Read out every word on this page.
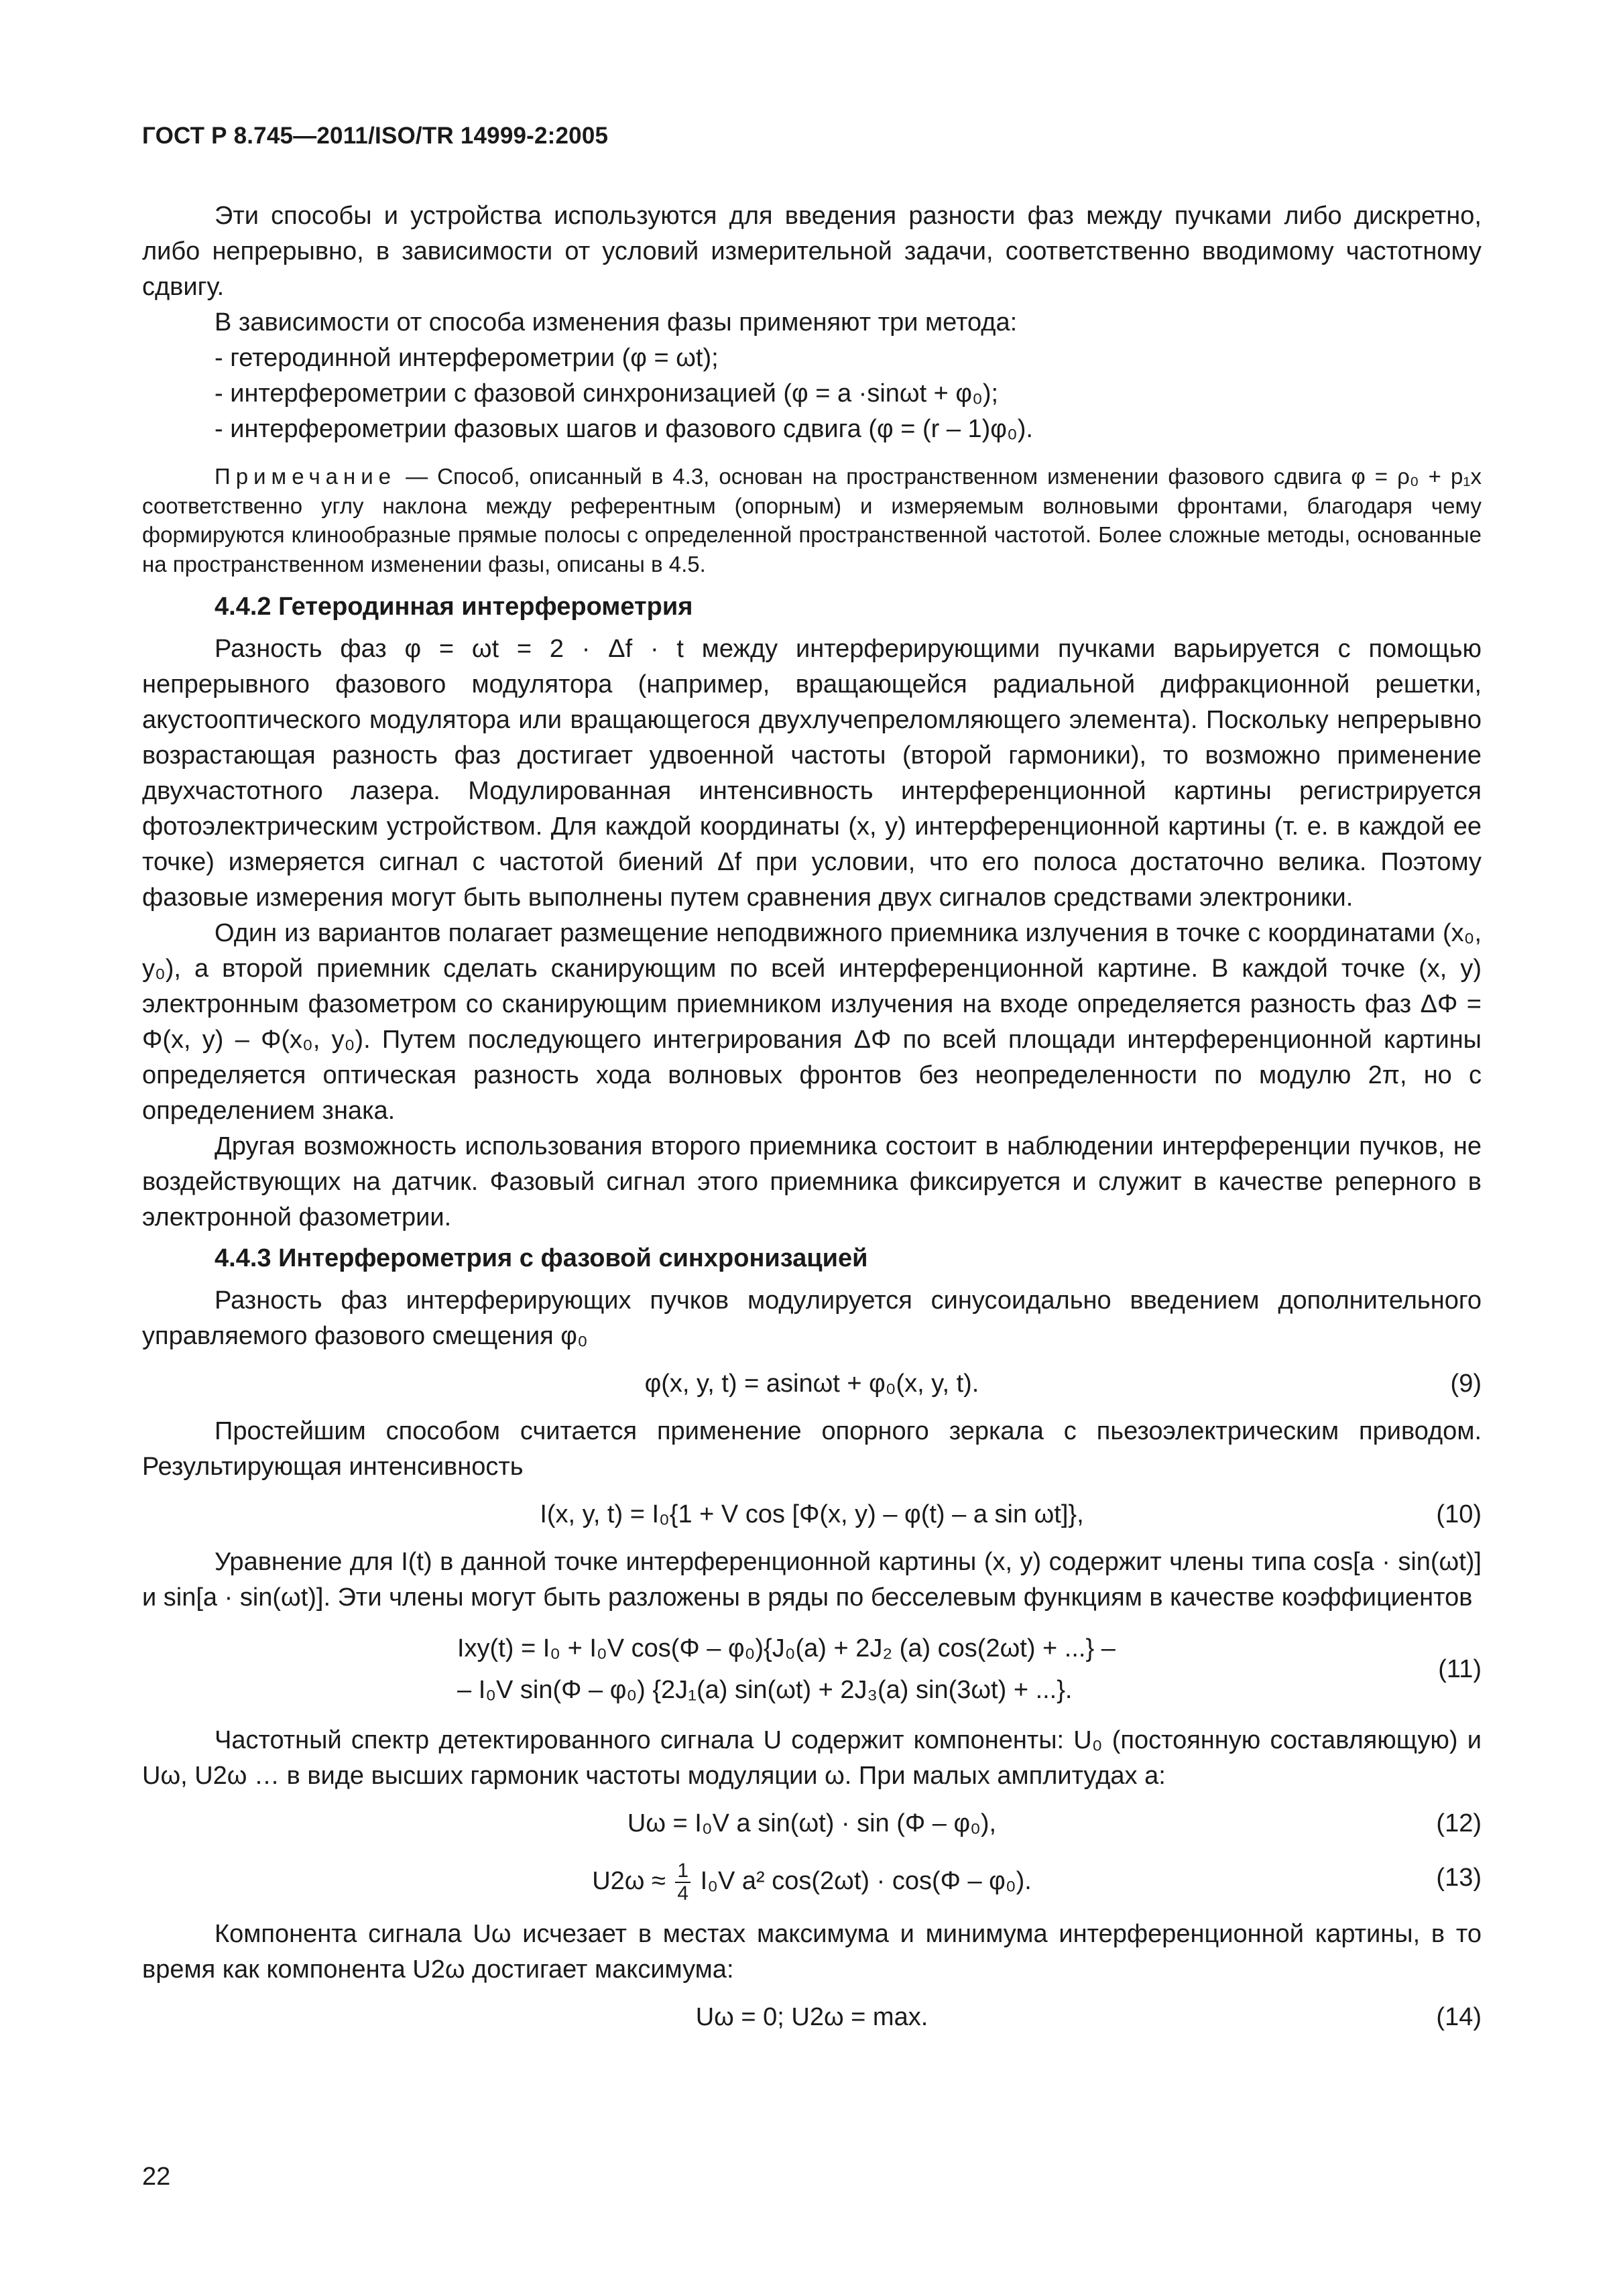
ГОСТ Р 8.745—2011/ISO/TR 14999-2:2005

Эти способы и устройства используются для введения разности фаз между пучками либо дискретно, либо непрерывно, в зависимости от условий измерительной задачи, соответственно вводимому частотному сдвигу.

В зависимости от способа изменения фазы применяют три метода:

- гетеродинной интерферометрии (φ = ωt);

- интерферометрии с фазовой синхронизацией (φ = a ·sinωt + φ₀);

- интерферометрии фазовых шагов и фазового сдвига (φ = (r – 1)φ₀).

Примечание — Способ, описанный в 4.3, основан на пространственном изменении фазового сдвига φ = ρ₀ + p₁x соответственно углу наклона между референтным (опорным) и измеряемым волновыми фронтами, благодаря чему формируются клинообразные прямые полосы с определенной пространственной частотой. Более сложные методы, основанные на пространственном изменении фазы, описаны в 4.5.
4.4.2 Гетеродинная интерферометрия

Разность фаз φ = ωt = 2 · Δf · t между интерферирующими пучками варьируется с помощью непрерывного фазового модулятора (например, вращающейся радиальной дифракционной решетки, акустооптического модулятора или вращающегося двухлучепреломляющего элемента). Поскольку непрерывно возрастающая разность фаз достигает удвоенной частоты (второй гармоники), то возможно применение двухчастотного лазера. Модулированная интенсивность интерференционной картины регистрируется фотоэлектрическим устройством. Для каждой координаты (x, y) интерференционной картины (т. е. в каждой ее точке) измеряется сигнал с частотой биений Δf при условии, что его полоса достаточно велика. Поэтому фазовые измерения могут быть выполнены путем сравнения двух сигналов средствами электроники.

Один из вариантов полагает размещение неподвижного приемника излучения в точке с координатами (x₀, y₀), а второй приемник сделать сканирующим по всей интерференционной картине. В каждой точке (x, y) электронным фазометром со сканирующим приемником излучения на входе определяется разность фаз ΔΦ = Φ(x, y) – Φ(x₀, y₀). Путем последующего интегрирования ΔΦ по всей площади интерференционной картины определяется оптическая разность хода волновых фронтов без неопределенности по модулю 2π, но с определением знака.

Другая возможность использования второго приемника состоит в наблюдении интерференции пучков, не воздействующих на датчик. Фазовый сигнал этого приемника фиксируется и служит в качестве реперного в электронной фазометрии.

4.4.3 Интерферометрия с фазовой синхронизацией

Разность фаз интерферирующих пучков модулируется синусоидально введением дополнительного управляемого фазового смещения φ₀

φ(x, y, t) = asinωt + φ₀(x, y, t).	(9)

Простейшим способом считается применение опорного зеркала с пьезоэлектрическим приводом. Результирующая интенсивность

I(x, y, t) = I₀{1 + V cos [Φ(x, y) – φ(t) – a sin ωt]},	(10)

Уравнение для I(t) в данной точке интерференционной картины (x, y) содержит члены типа cos[a · sin(ωt)] и sin[a · sin(ωt)]. Эти члены могут быть разложены в ряды по бесселевым функциям в качестве коэффициентов

Ixy(t) = I₀ + I₀V cos(Φ – φ₀){J₀(a) + 2J₂ (a) cos(2ωt) + ...} –
– I₀V sin(Φ – φ₀) {2J₁(a) sin(ωt) + 2J₃(a) sin(3ωt) + ...}.
(11)

Частотный спектр детектированного сигнала U содержит компоненты: U₀ (постоянную составляющую) и Uω, U2ω … в виде высших гармоник частоты модуляции ω. При малых амплитудах a:

Uω = I₀V a sin(ωt) · sin (Φ – φ₀),	(12)
$U2\omega \approx \frac{1}{4} I_0V$ a² cos(2ωt) · cos(Φ – φ₀).	(13)

Компонента сигнала Uω исчезает в местах максимума и минимума интерференционной картины, в то время как компонента U2ω достигает максимума:

Uω = 0; U2ω = max.	(14)
22
